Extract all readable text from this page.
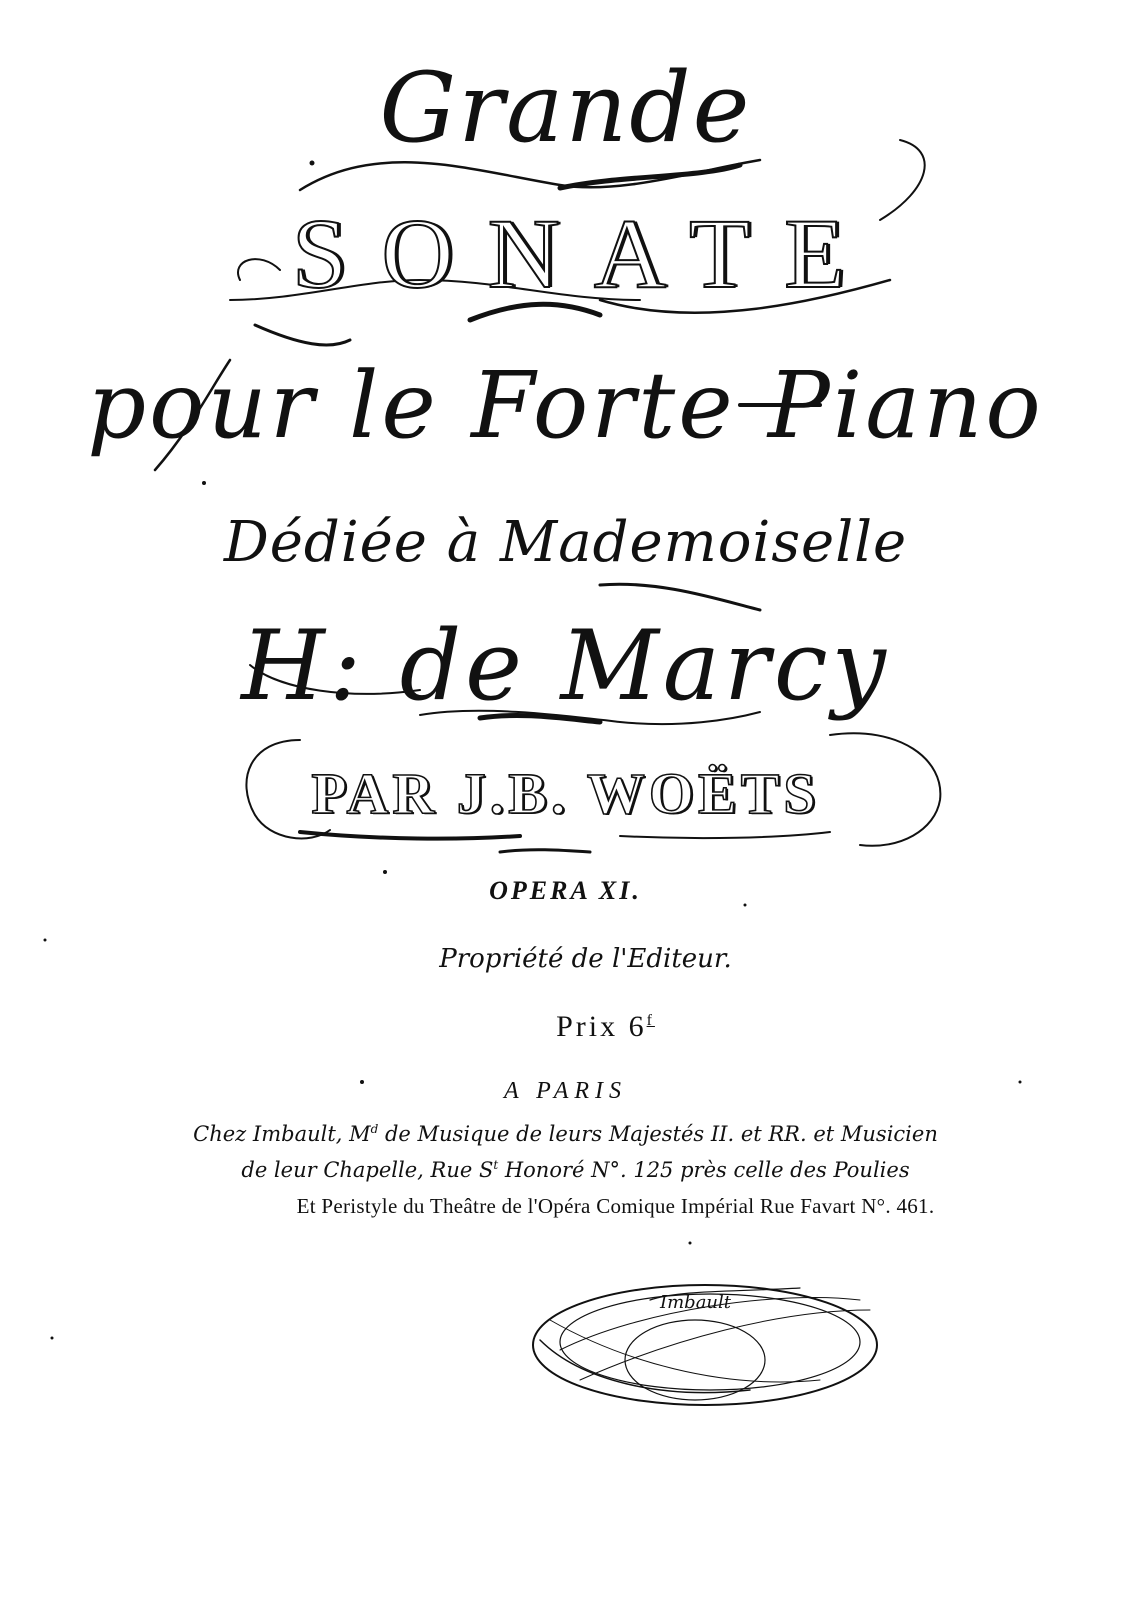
Grande
SONATE
pour le Forte Piano
Dédiée à Mademoiselle
H: de Marcy
PAR J.B. WOËTS
OPERA XI.
Propriété de l'Editeur.
Prix 6$^f$
A PARIS
Chez Imbault, $M^d$ de Musique de leurs Majestés II. et RR. et Musicien
de leur Chapelle, Rue $S^t$ Honoré N°. 125 près celle des Poulies
Et Peristyle du Theâtre de l'Opéra Comique Impérial Rue Favart N°. 461.
Imbault
